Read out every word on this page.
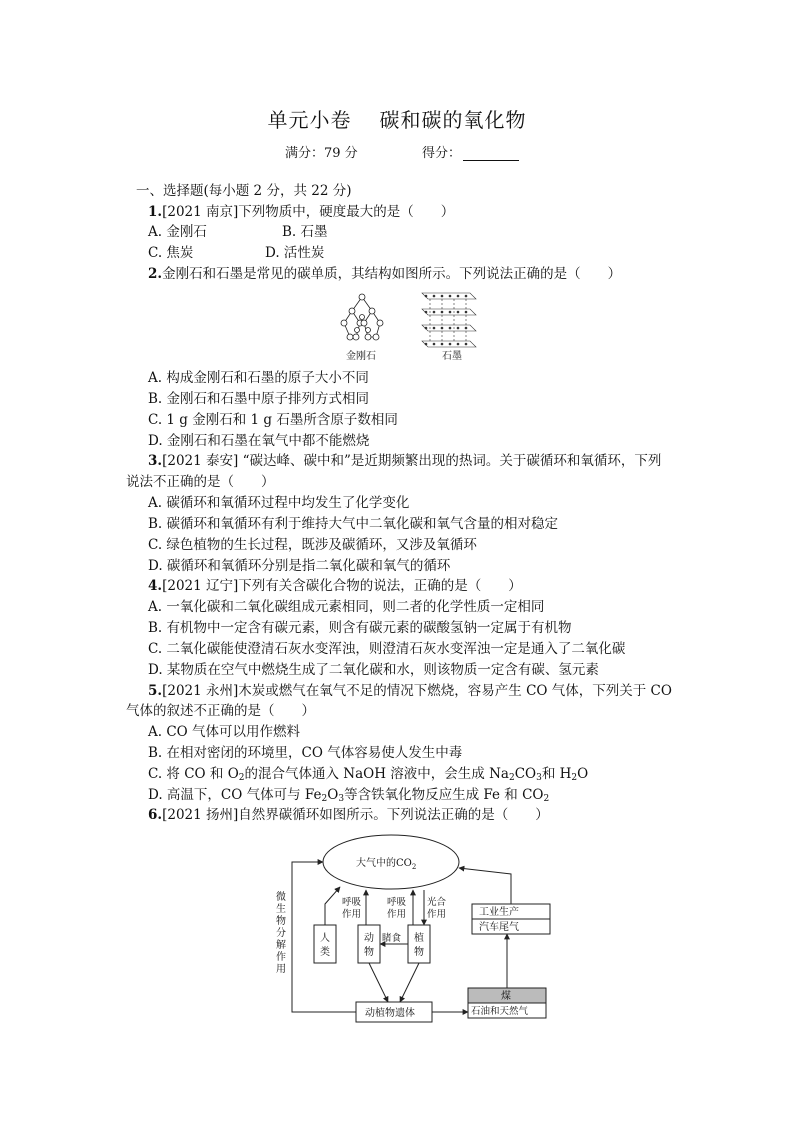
单元小卷 碳和碳的氧化物
满分：79 分	得分：
一、选择题(每小题 2 分，共 22 分)
1.[2021 南京]下列物质中，硬度最大的是（　　）
A. 金刚石	B. 石墨
C. 焦炭	D. 活性炭
2.金刚石和石墨是常见的碳单质，其结构如图所示。下列说法正确的是（　　）
金刚石	石墨
A. 构成金刚石和石墨的原子大小不同
B. 金刚石和石墨中原子排列方式相同
C. 1 g 金刚石和 1 g 石墨所含原子数相同
D. 金刚石和石墨在氧气中都不能燃烧
3.[2021 泰安] “碳达峰、碳中和”是近期频繁出现的热词。关于碳循环和氧循环，下列
说法不正确的是（　　）
A. 碳循环和氧循环过程中均发生了化学变化
B. 碳循环和氧循环有利于维持大气中二氧化碳和氧气含量的相对稳定
C. 绿色植物的生长过程，既涉及碳循环，又涉及氧循环
D. 碳循环和氧循环分别是指二氧化碳和氧气的循环
4.[2021 辽宁]下列有关含碳化合物的说法，正确的是（　　）
A. 一氧化碳和二氧化碳组成元素相同，则二者的化学性质一定相同
B. 有机物中一定含有碳元素，则含有碳元素的碳酸氢钠一定属于有机物
C. 二氧化碳能使澄清石灰水变浑浊，则澄清石灰水变浑浊一定是通入了二氧化碳
D. 某物质在空气中燃烧生成了二氧化碳和水，则该物质一定含有碳、氢元素
5.[2021 永州]木炭或燃气在氧气不足的情况下燃烧，容易产生 CO 气体，下列关于 CO
气体的叙述不正确的是（　　）
A. CO 气体可以用作燃料
B. 在相对密闭的环境里，CO 气体容易使人发生中毒
C. 将 CO 和 $O_2$的混合气体通入 NaOH 溶液中，会生成 $Na_2CO_3$和 $H_2O$
D. 高温下，CO 气体可与 $Fe_2O_3$等含铁氧化物反应生成 Fe 和 $CO_2$
6.[2021 扬州]自然界碳循环如图所示。下列说法正确的是（　　）
大气中的$CO_2$
微
生
物
分
解
作
用
呼吸
作用
呼吸
作用
光合
作用
人
类
动
物
植
物
睹食
动植物遗体
工业生产
汽车尾气
煤
石油和天然气
